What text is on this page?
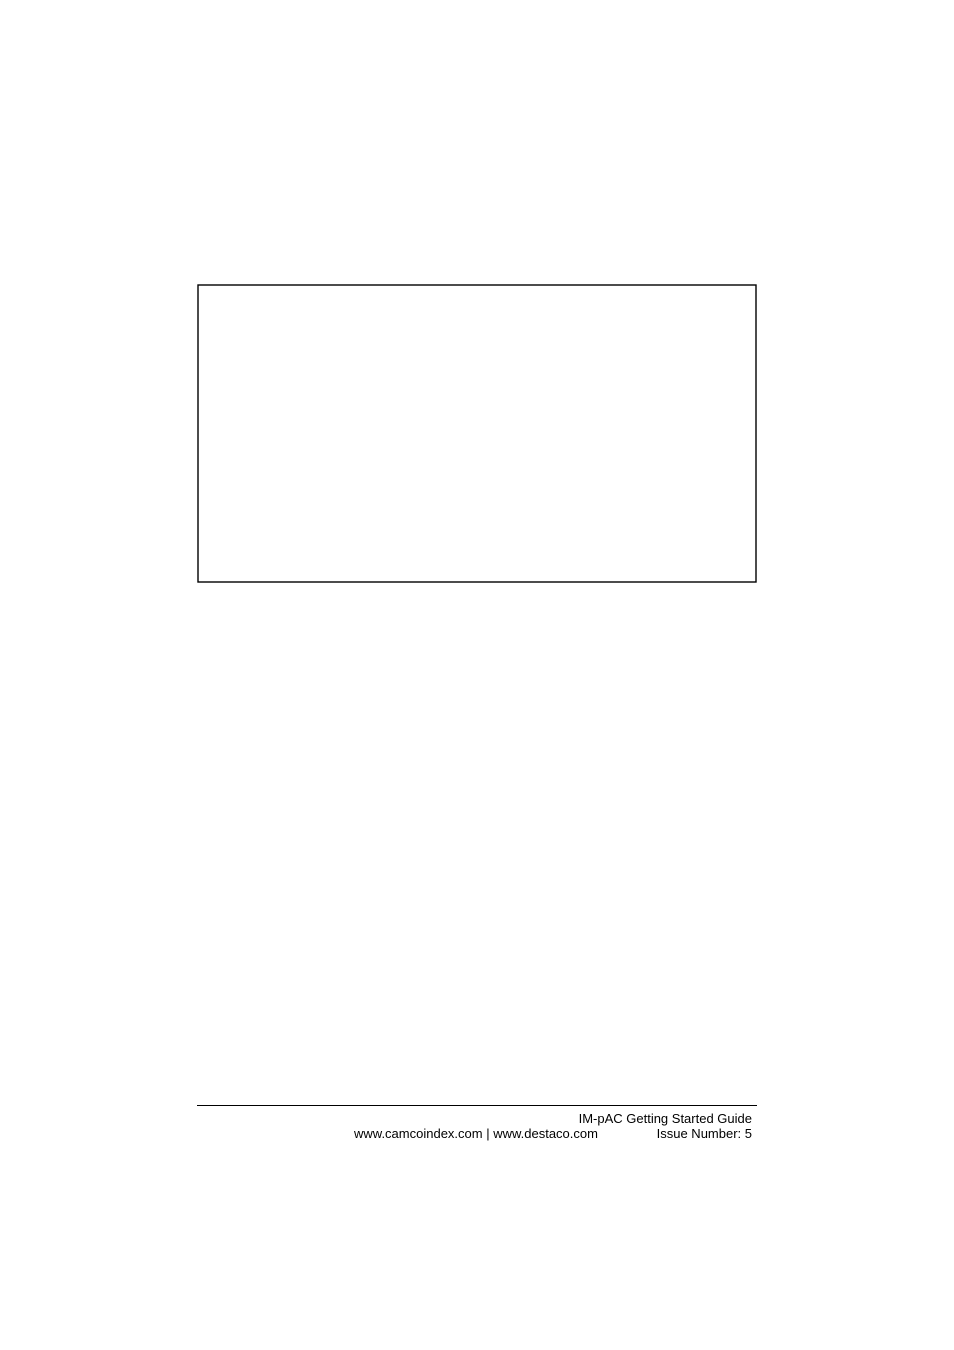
IM-pAC Getting Started Guide
www.camcoindex.com | www.destaco.com	Issue Number: 5
